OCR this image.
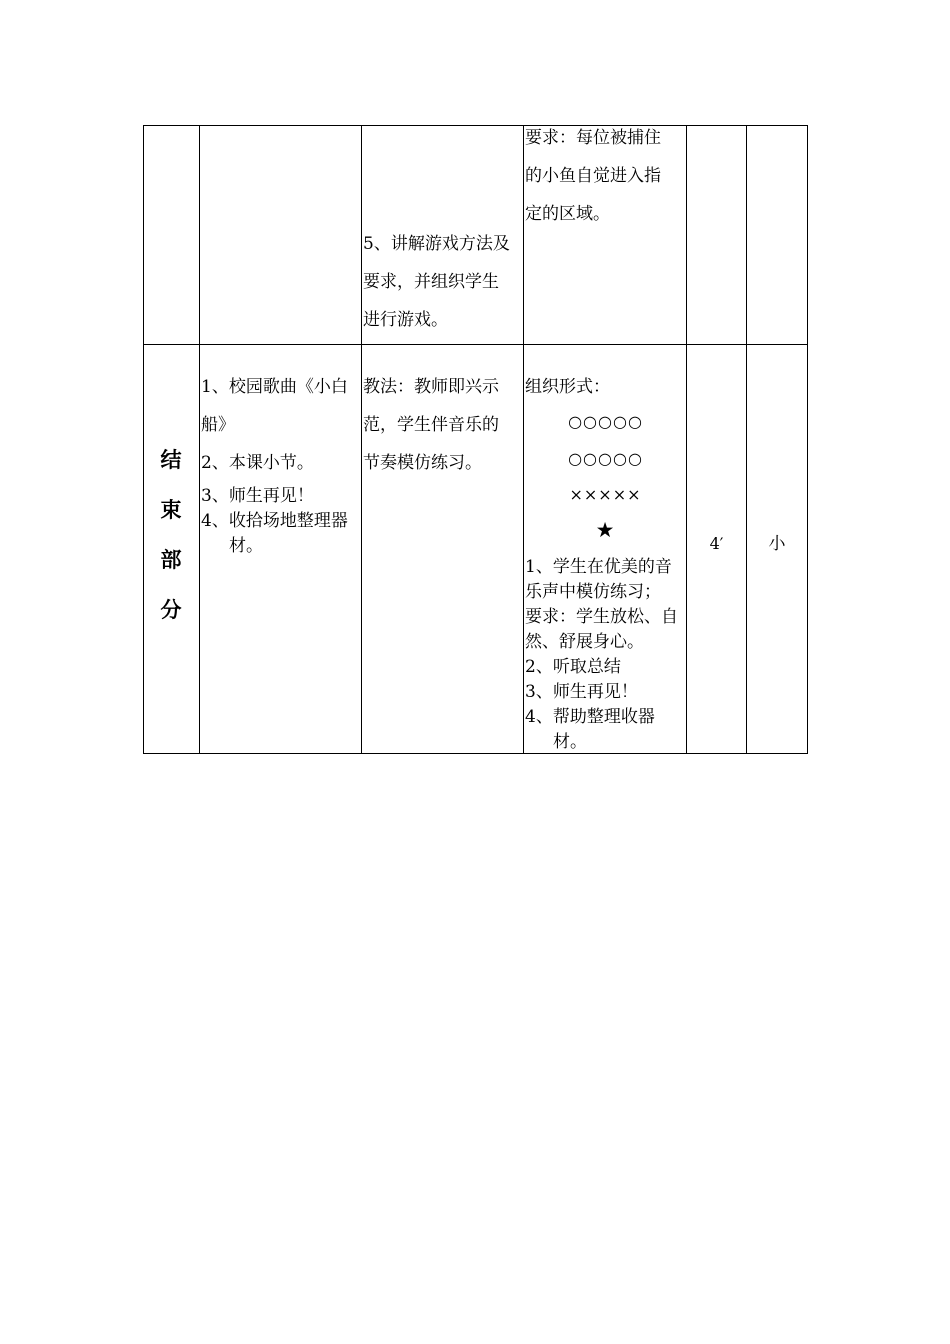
5、讲解游戏方法及

要求，并组织学生

进行游戏。

要求：每位被捕住

的小鱼自觉进入指

定的区域。

结
束
部
分

1、校园歌曲《小白

船》

2、本课小节。

3、师生再见！

4、收拾场地整理器

材。

教法：教师即兴示

范，学生伴音乐的

节奏模仿练习。

组织形式：
○○○○○
○○○○○
×××××
★

1、学生在优美的音

乐声中模仿练习；

要求：学生放松、自

然、舒展身心。

2、听取总结

3、师生再见！

4、帮助整理收器

材。

4′	小
